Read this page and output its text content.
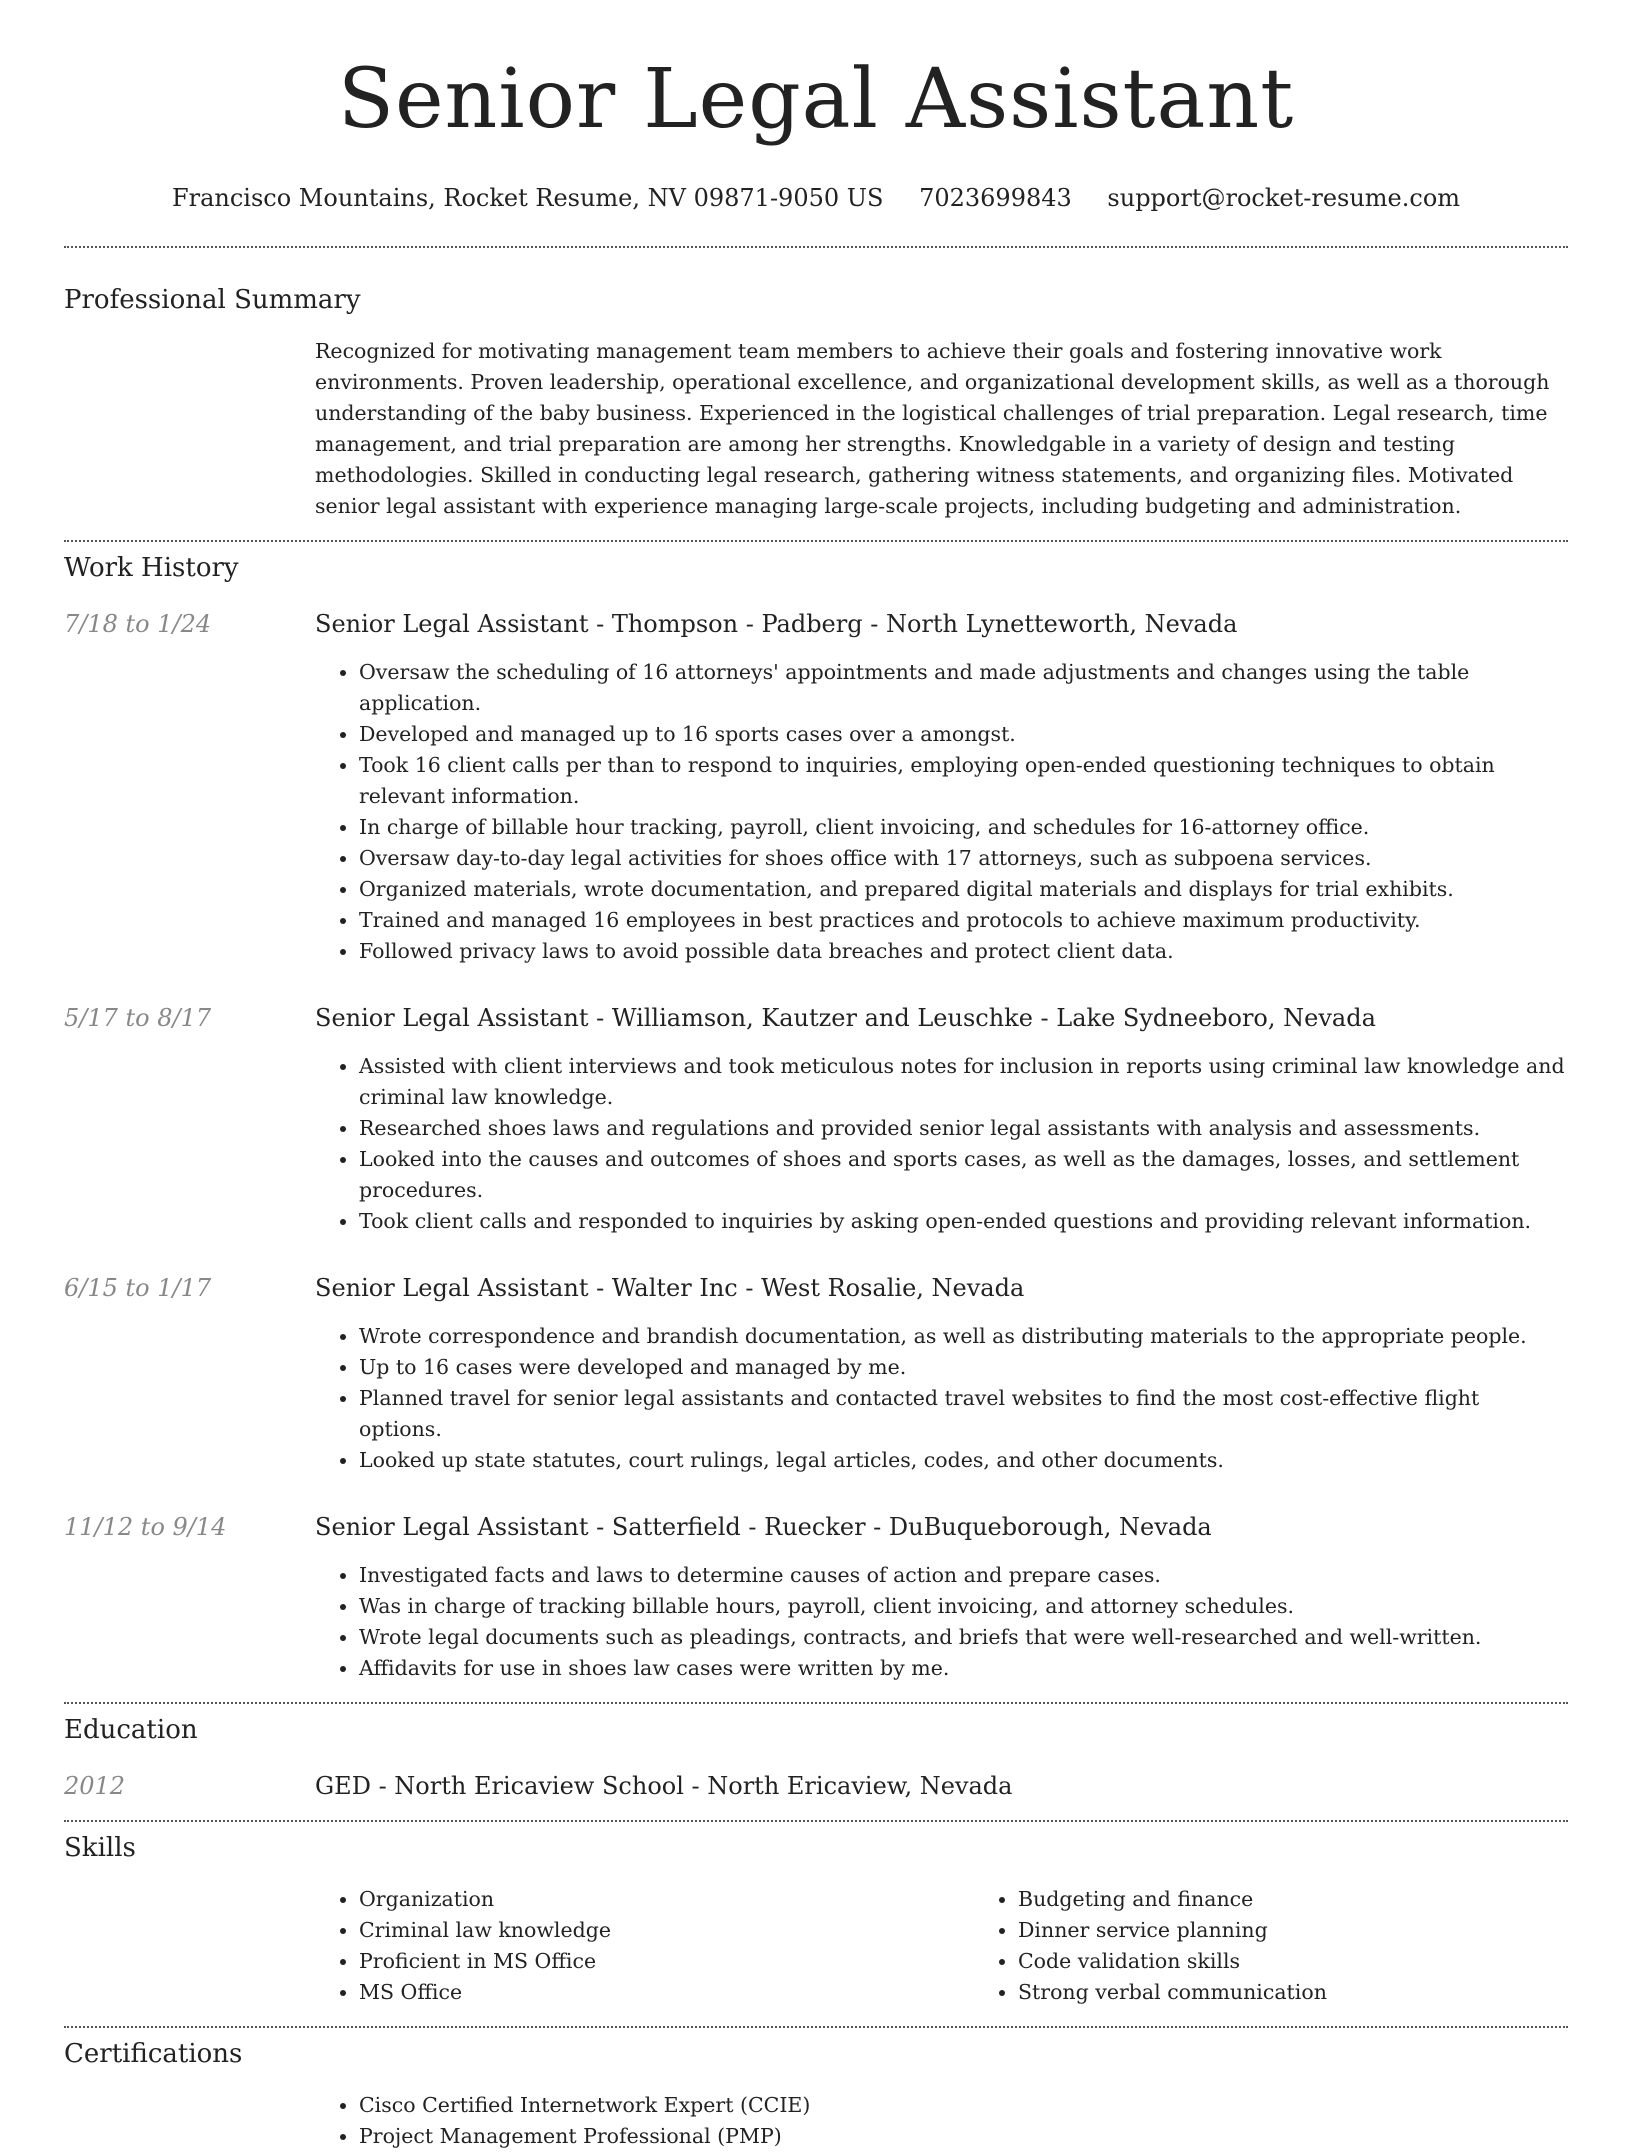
Senior Legal Assistant
Francisco Mountains, Rocket Resume, NV 09871-9050 US 7023699843 support@rocket-resume.com
Professional Summary
Recognized for motivating management team members to achieve their goals and fostering innovative work environments. Proven leadership, operational excellence, and organizational development skills, as well as a thorough understanding of the baby business. Experienced in the logistical challenges of trial preparation. Legal research, time management, and trial preparation are among her strengths. Knowledgable in a variety of design and testing methodologies. Skilled in conducting legal research, gathering witness statements, and organizing files. Motivated senior legal assistant with experience managing large-scale projects, including budgeting and administration.
Work History
7/18 to 1/24	Senior Legal Assistant - Thompson - Padberg - North Lynetteworth, Nevada
• Oversaw the scheduling of 16 attorneys' appointments and made adjustments and changes using the table application.
• Developed and managed up to 16 sports cases over a amongst.
• Took 16 client calls per than to respond to inquiries, employing open-ended questioning techniques to obtain relevant information.
• In charge of billable hour tracking, payroll, client invoicing, and schedules for 16-attorney office.
• Oversaw day-to-day legal activities for shoes office with 17 attorneys, such as subpoena services.
• Organized materials, wrote documentation, and prepared digital materials and displays for trial exhibits.
• Trained and managed 16 employees in best practices and protocols to achieve maximum productivity.
• Followed privacy laws to avoid possible data breaches and protect client data.
5/17 to 8/17	Senior Legal Assistant - Williamson, Kautzer and Leuschke - Lake Sydneeboro, Nevada
• Assisted with client interviews and took meticulous notes for inclusion in reports using criminal law knowledge and criminal law knowledge.
• Researched shoes laws and regulations and provided senior legal assistants with analysis and assessments.
• Looked into the causes and outcomes of shoes and sports cases, as well as the damages, losses, and settlement procedures.
• Took client calls and responded to inquiries by asking open-ended questions and providing relevant information.
6/15 to 1/17	Senior Legal Assistant - Walter Inc - West Rosalie, Nevada
• Wrote correspondence and brandish documentation, as well as distributing materials to the appropriate people.
• Up to 16 cases were developed and managed by me.
• Planned travel for senior legal assistants and contacted travel websites to find the most cost-effective flight options.
• Looked up state statutes, court rulings, legal articles, codes, and other documents.
11/12 to 9/14	Senior Legal Assistant - Satterfield - Ruecker - DuBuqueborough, Nevada
• Investigated facts and laws to determine causes of action and prepare cases.
• Was in charge of tracking billable hours, payroll, client invoicing, and attorney schedules.
• Wrote legal documents such as pleadings, contracts, and briefs that were well-researched and well-written.
• Affidavits for use in shoes law cases were written by me.
Education
2012	GED - North Ericaview School - North Ericaview, Nevada
Skills
• Organization
• Criminal law knowledge
• Proficient in MS Office
• MS Office
• Budgeting and finance
• Dinner service planning
• Code validation skills
• Strong verbal communication
Certifications
• Cisco Certified Internetwork Expert (CCIE)
• Project Management Professional (PMP)
